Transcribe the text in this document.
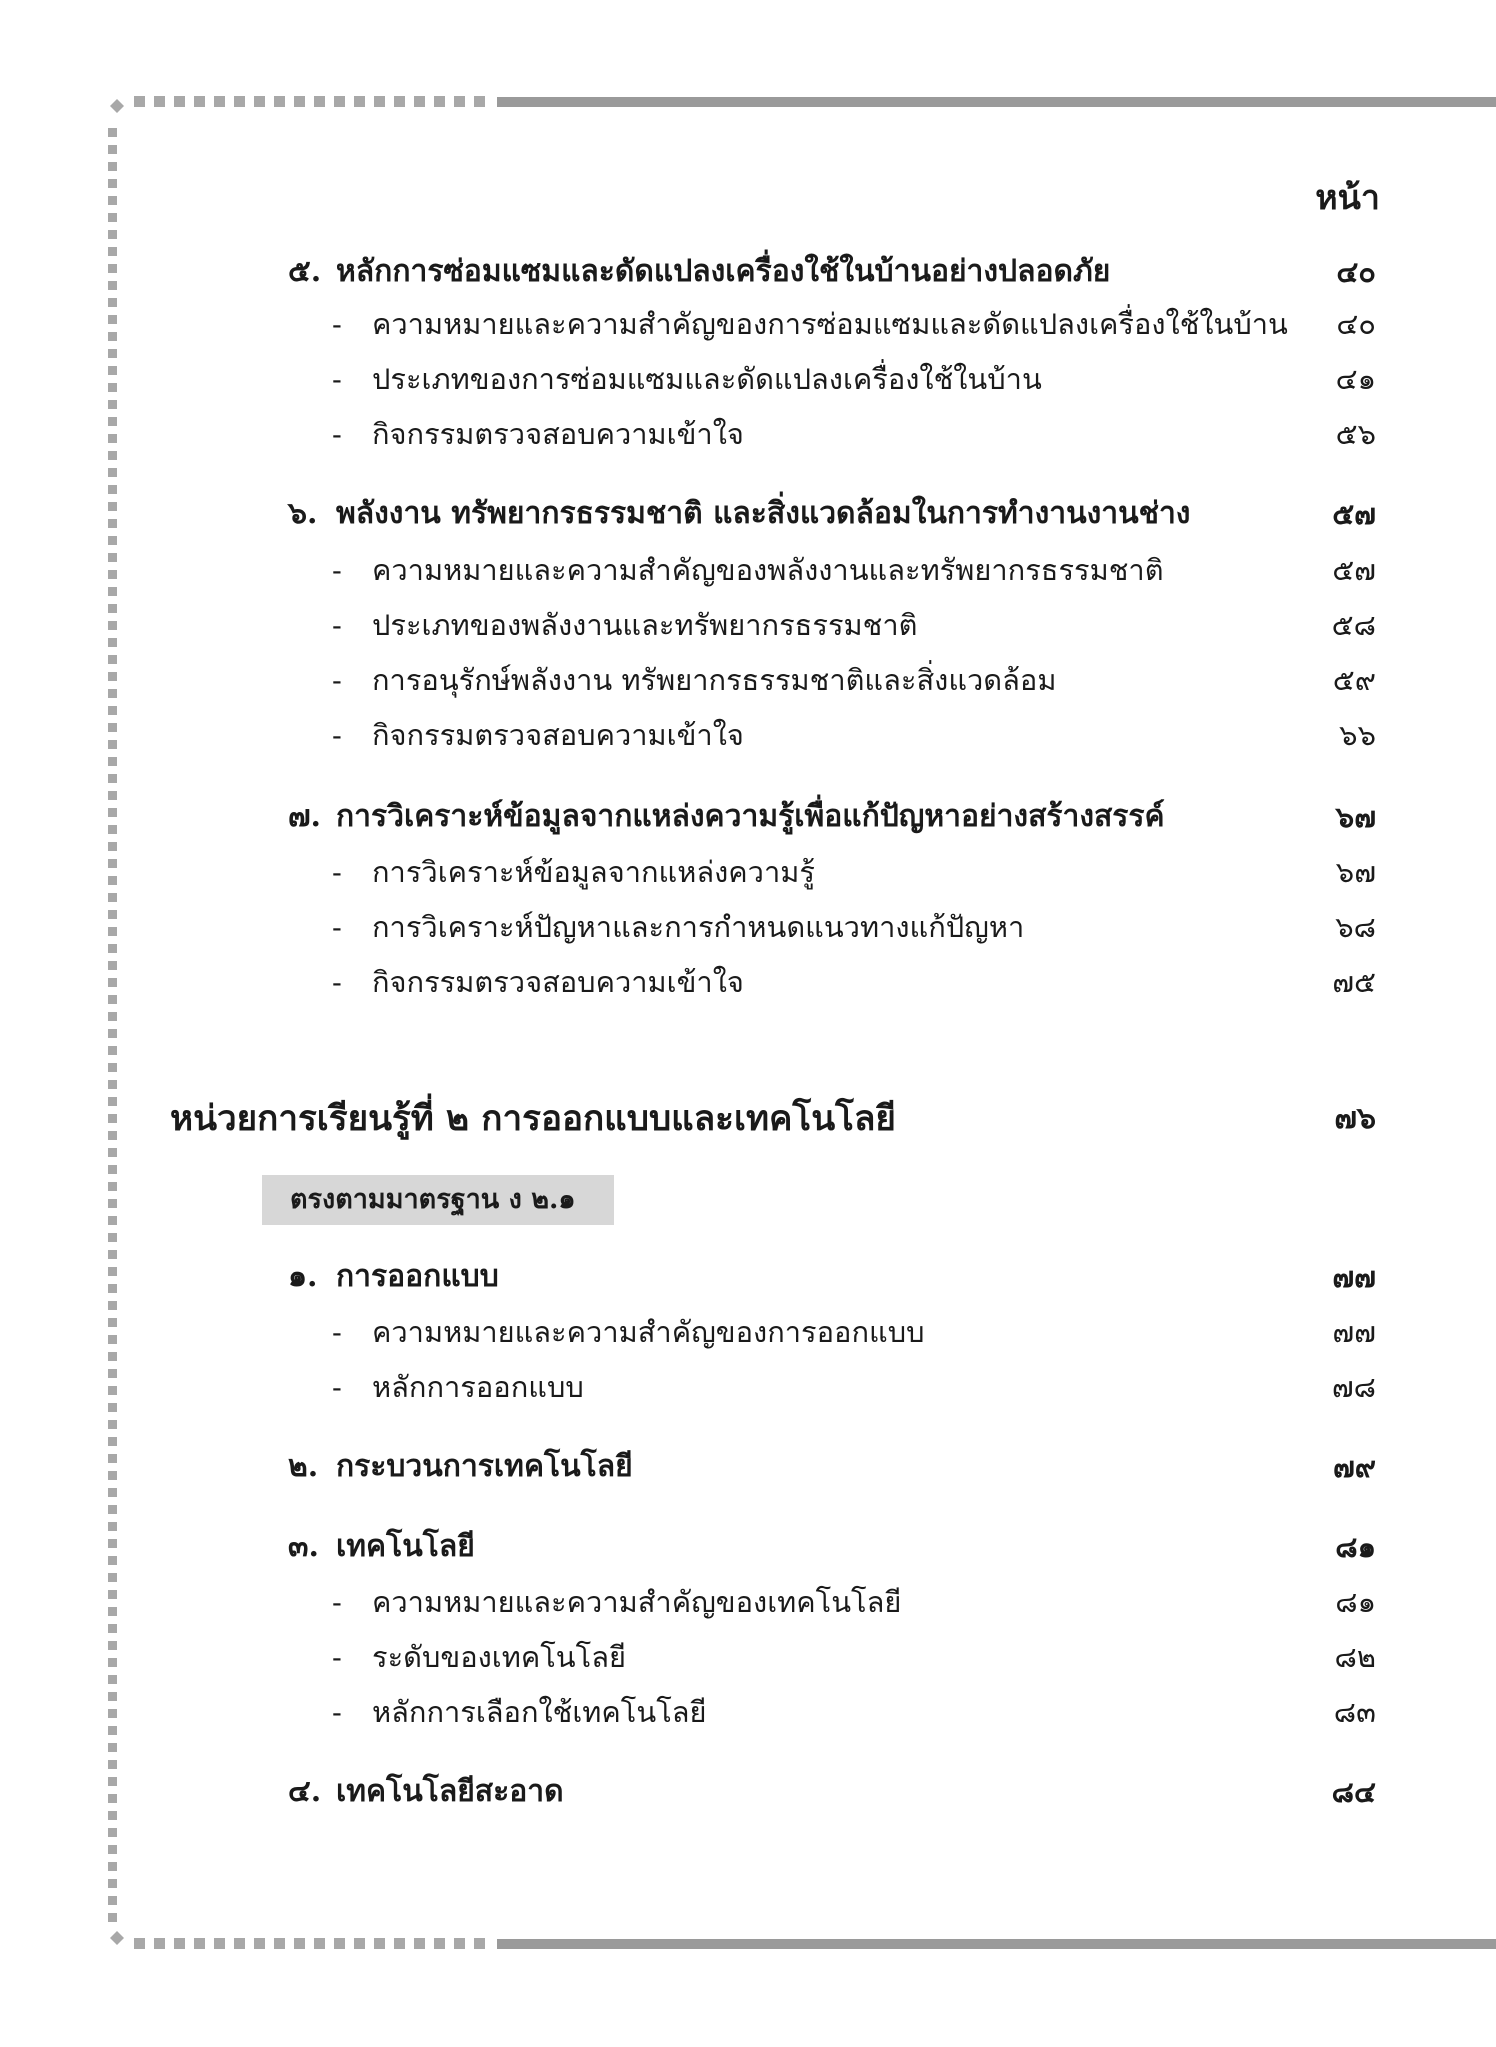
หน้า
๕. หลักการซ่อมแซมและดัดแปลงเครื่องใช้ในบ้านอย่างปลอดภัย	๔๐
- ความหมายและความสำคัญของการซ่อมแซมและดัดแปลงเครื่องใช้ในบ้าน	๔๐
- ประเภทของการซ่อมแซมและดัดแปลงเครื่องใช้ในบ้าน	๔๑
- กิจกรรมตรวจสอบความเข้าใจ	๕๖
๖. พลังงาน ทรัพยากรธรรมชาติ และสิ่งแวดล้อมในการทำงานงานช่าง	๕๗
- ความหมายและความสำคัญของพลังงานและทรัพยากรธรรมชาติ	๕๗
- ประเภทของพลังงานและทรัพยากรธรรมชาติ	๕๘
- การอนุรักษ์พลังงาน ทรัพยากรธรรมชาติและสิ่งแวดล้อม	๕๙
- กิจกรรมตรวจสอบความเข้าใจ	๖๖
๗. การวิเคราะห์ข้อมูลจากแหล่งความรู้เพื่อแก้ปัญหาอย่างสร้างสรรค์	๖๗
- การวิเคราะห์ข้อมูลจากแหล่งความรู้	๖๗
- การวิเคราะห์ปัญหาและการกำหนดแนวทางแก้ปัญหา	๖๘
- กิจกรรมตรวจสอบความเข้าใจ	๗๕
หน่วยการเรียนรู้ที่ ๒ การออกแบบและเทคโนโลยี	๗๖
ตรงตามมาตรฐาน ง ๒.๑
๑. การออกแบบ	๗๗
- ความหมายและความสำคัญของการออกแบบ	๗๗
- หลักการออกแบบ	๗๘
๒. กระบวนการเทคโนโลยี	๗๙
๓. เทคโนโลยี	๘๑
- ความหมายและความสำคัญของเทคโนโลยี	๘๑
- ระดับของเทคโนโลยี	๘๒
- หลักการเลือกใช้เทคโนโลยี	๘๓
๔. เทคโนโลยีสะอาด	๘๔
